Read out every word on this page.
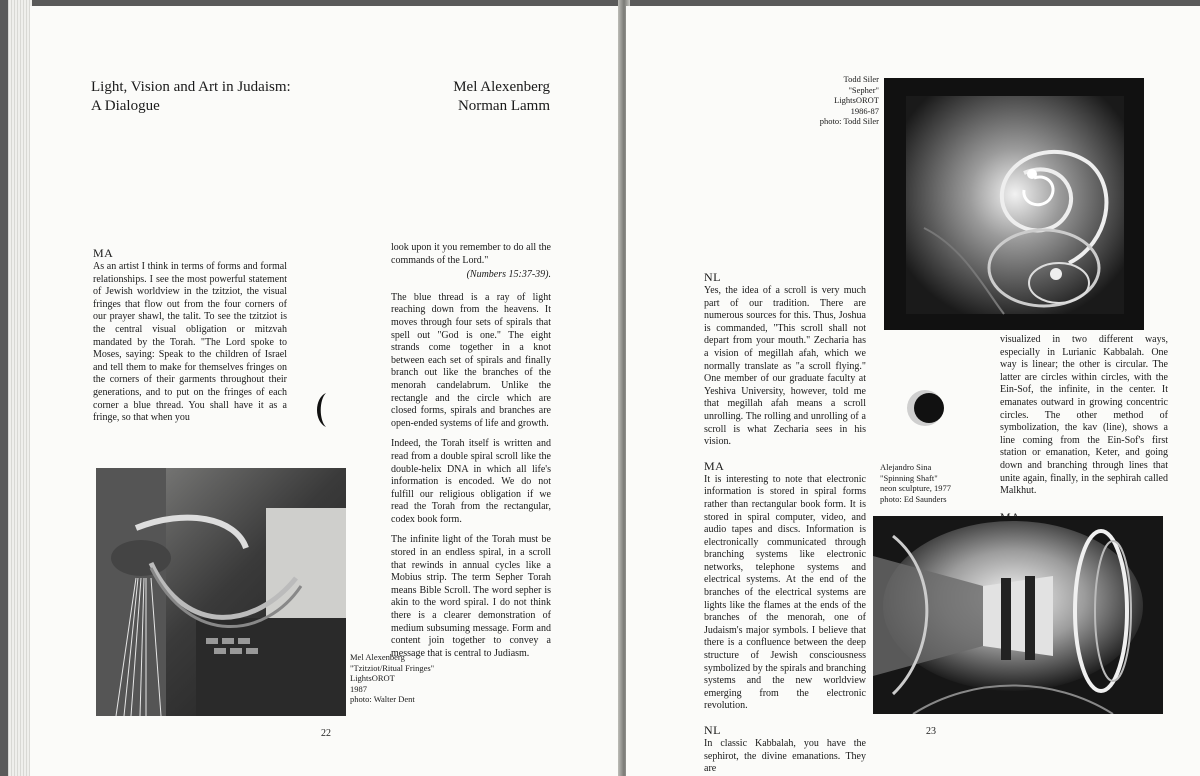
Light, Vision and Art in Judaism:
A Dialogue
Mel Alexenberg
Norman Lamm
MA

As an artist I think in terms of forms and formal relationships. I see the most powerful statement of Jewish worldview in the tzitziot, the visual fringes that flow out from the four corners of our prayer shawl, the talit. To see the tzitziot is the central visual obligation or mitzvah mandated by the Torah. "The Lord spoke to Moses, saying: Speak to the children of Israel and tell them to make for themselves fringes on the corners of their garments throughout their generations, and to put on the fringes of each corner a blue thread. You shall have it as a fringe, so that when you

look upon it you remember to do all the commands of the Lord."

(Numbers 15:37-39).

The blue thread is a ray of light reaching down from the heavens. It moves through four sets of spirals that spell out "God is one." The eight strands come together in a knot between each set of spirals and finally branch out like the branches of the menorah candelabrum. Unlike the rectangle and the circle which are closed forms, spirals and branches are open-ended systems of life and growth.

Indeed, the Torah itself is written and read from a double spiral scroll like the double-helix DNA in which all life's information is encoded. We do not fulfill our religious obligation if we read the Torah from the rectangular, codex book form.

The infinite light of the Torah must be stored in an endless spiral, in a scroll that rewinds in annual cycles like a Mobius strip. The term Sepher Torah means Bible Scroll. The word sepher is akin to the word spiral. I do not think there is a clearer demonstration of medium subsuming message. Form and content join together to convey a message that is central to Judiasm.

Mel Alexenberg
"Tzitziot/Ritual Fringes"
LightsOROT
1987
photo: Walter Dent
22
Todd Siler
"Sepher"
LightsOROT
1986-87
photo: Todd Siler
NL

Yes, the idea of a scroll is very much part of our tradition. There are numerous sources for this. Thus, Joshua is commanded, "This scroll shall not depart from your mouth." Zecharia has a vision of megillah afah, which we normally translate as "a scroll flying." One member of our graduate faculty at Yeshiva University, however, told me that megillah afah means a scroll unrolling. The rolling and unrolling of a scroll is what Zecharia sees in his vision.

MA

It is interesting to note that electronic information is stored in spiral forms rather than rectangular book form. It is stored in spiral computer, video, and audio tapes and discs. Information is electronically communicated through branching systems like electronic networks, telephone systems and electrical systems. At the end of the branches of the electrical systems are lights like the flames at the ends of the branches of the menorah, one of Judaism's major symbols. I believe that there is a confluence between the deep structure of Jewish consciousness symbolized by the spirals and branching systems and the new worldview emerging from the electronic revolution.

NL

In classic Kabbalah, you have the sephirot, the divine emanations. They are

Alejandro Sina
"Spinning Shaft"
neon sculpture, 1977
photo: Ed Saunders

visualized in two different ways, especially in Lurianic Kabbalah. One way is linear; the other is circular. The latter are circles within circles, with the Ein-Sof, the infinite, in the center. It emanates outward in growing concentric circles. The other method of symbolization, the kav (line), shows a line coming from the Ein-Sof's first station or emanation, Keter, and going down and branching through lines that unite again, finally, in the sephirah called Malkhut.

23
